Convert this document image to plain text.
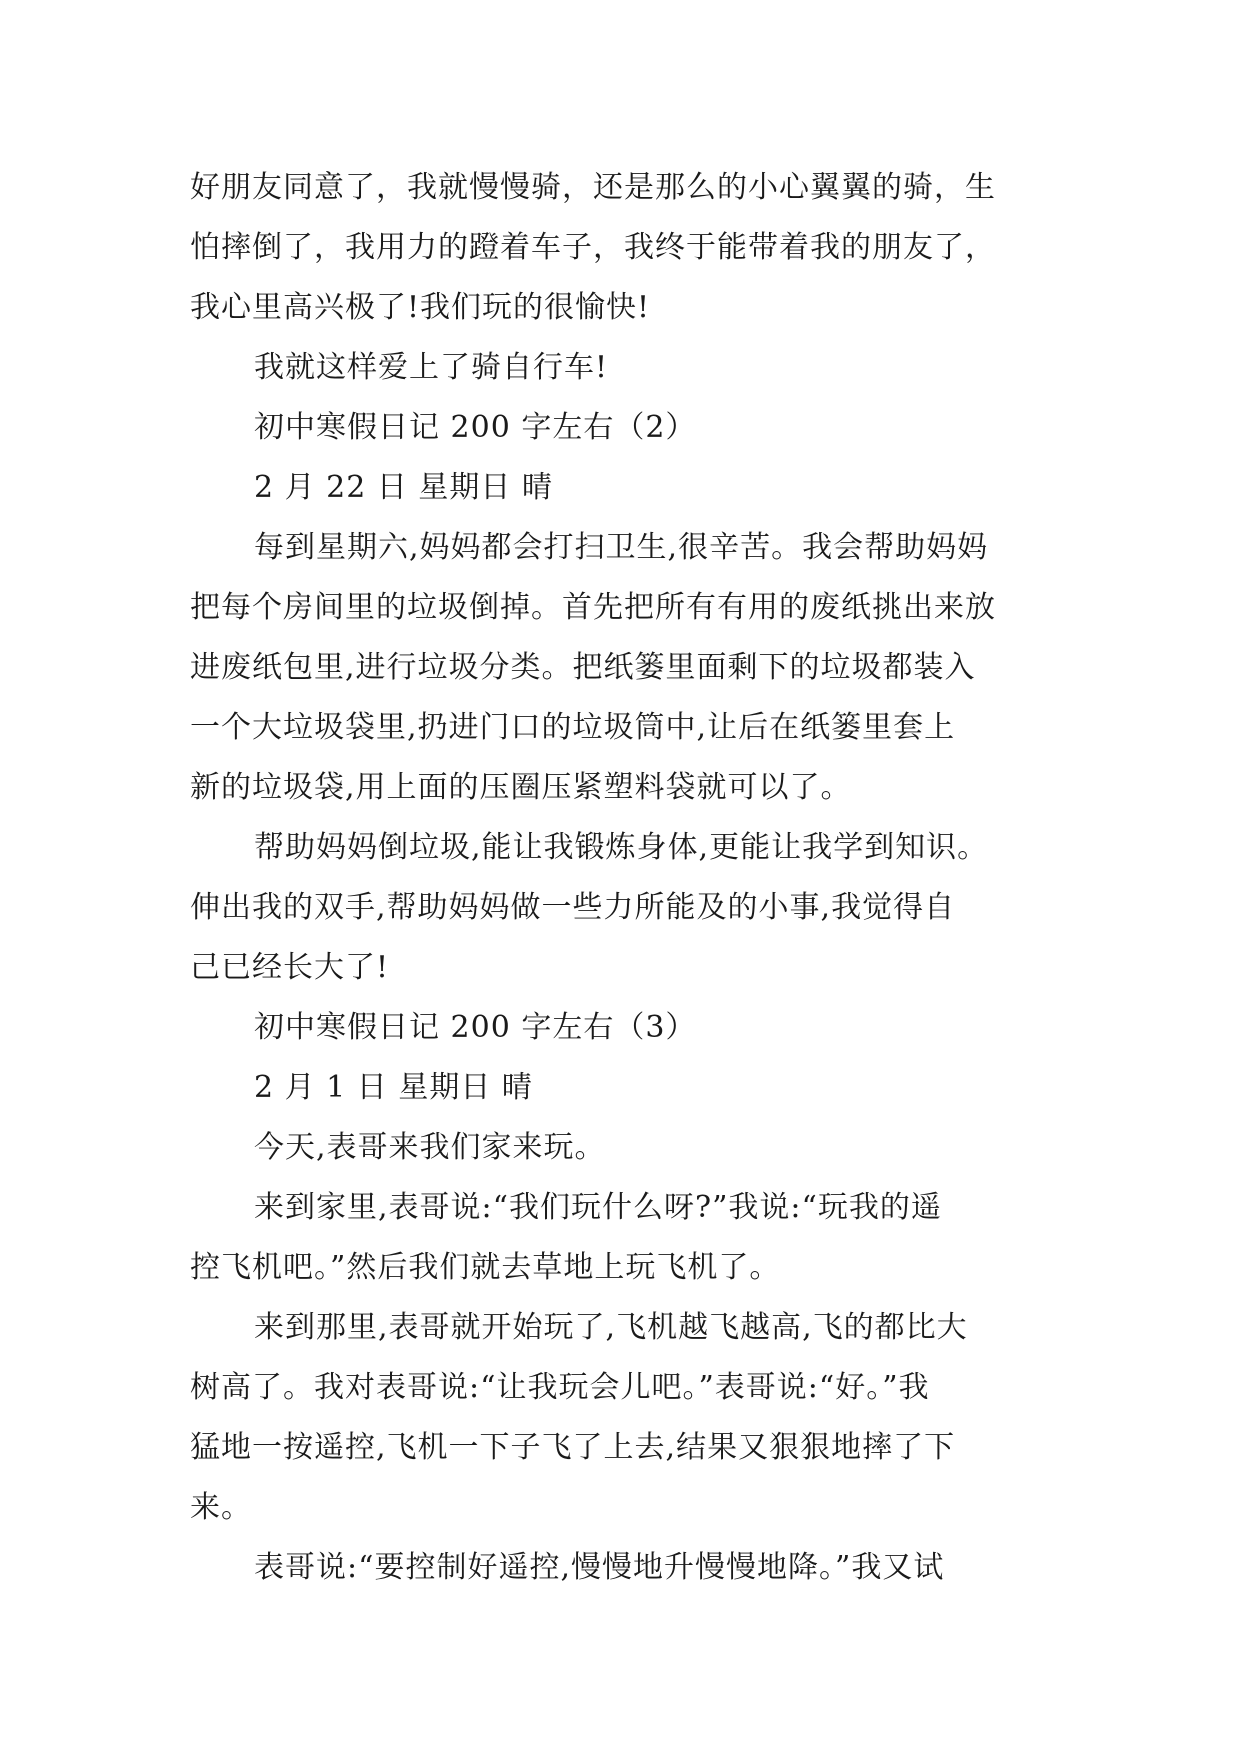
好朋友同意了，我就慢慢骑，还是那么的小心翼翼的骑，生
怕摔倒了，我用力的蹬着车子，我终于能带着我的朋友了，
我心里高兴极了!我们玩的很愉快!
我就这样爱上了骑自行车!
初中寒假日记 200 字左右（2）
2 月 22 日 星期日 晴
每到星期六,妈妈都会打扫卫生,很辛苦。我会帮助妈妈
把每个房间里的垃圾倒掉。首先把所有有用的废纸挑出来放
进废纸包里,进行垃圾分类。把纸篓里面剩下的垃圾都装入
一个大垃圾袋里,扔进门口的垃圾筒中,让后在纸篓里套上
新的垃圾袋,用上面的压圈压紧塑料袋就可以了。
帮助妈妈倒垃圾,能让我锻炼身体,更能让我学到知识。
伸出我的双手,帮助妈妈做一些力所能及的小事,我觉得自
己已经长大了!
初中寒假日记 200 字左右（3）
2 月 1 日 星期日 晴
今天,表哥来我们家来玩。
来到家里,表哥说:“我们玩什么呀?”我说:“玩我的遥
控飞机吧。”然后我们就去草地上玩飞机了。
来到那里,表哥就开始玩了,飞机越飞越高,飞的都比大
树高了。我对表哥说:“让我玩会儿吧。”表哥说:“好。”我
猛地一按遥控,飞机一下子飞了上去,结果又狠狠地摔了下
来。
表哥说:“要控制好遥控,慢慢地升慢慢地降。”我又试
